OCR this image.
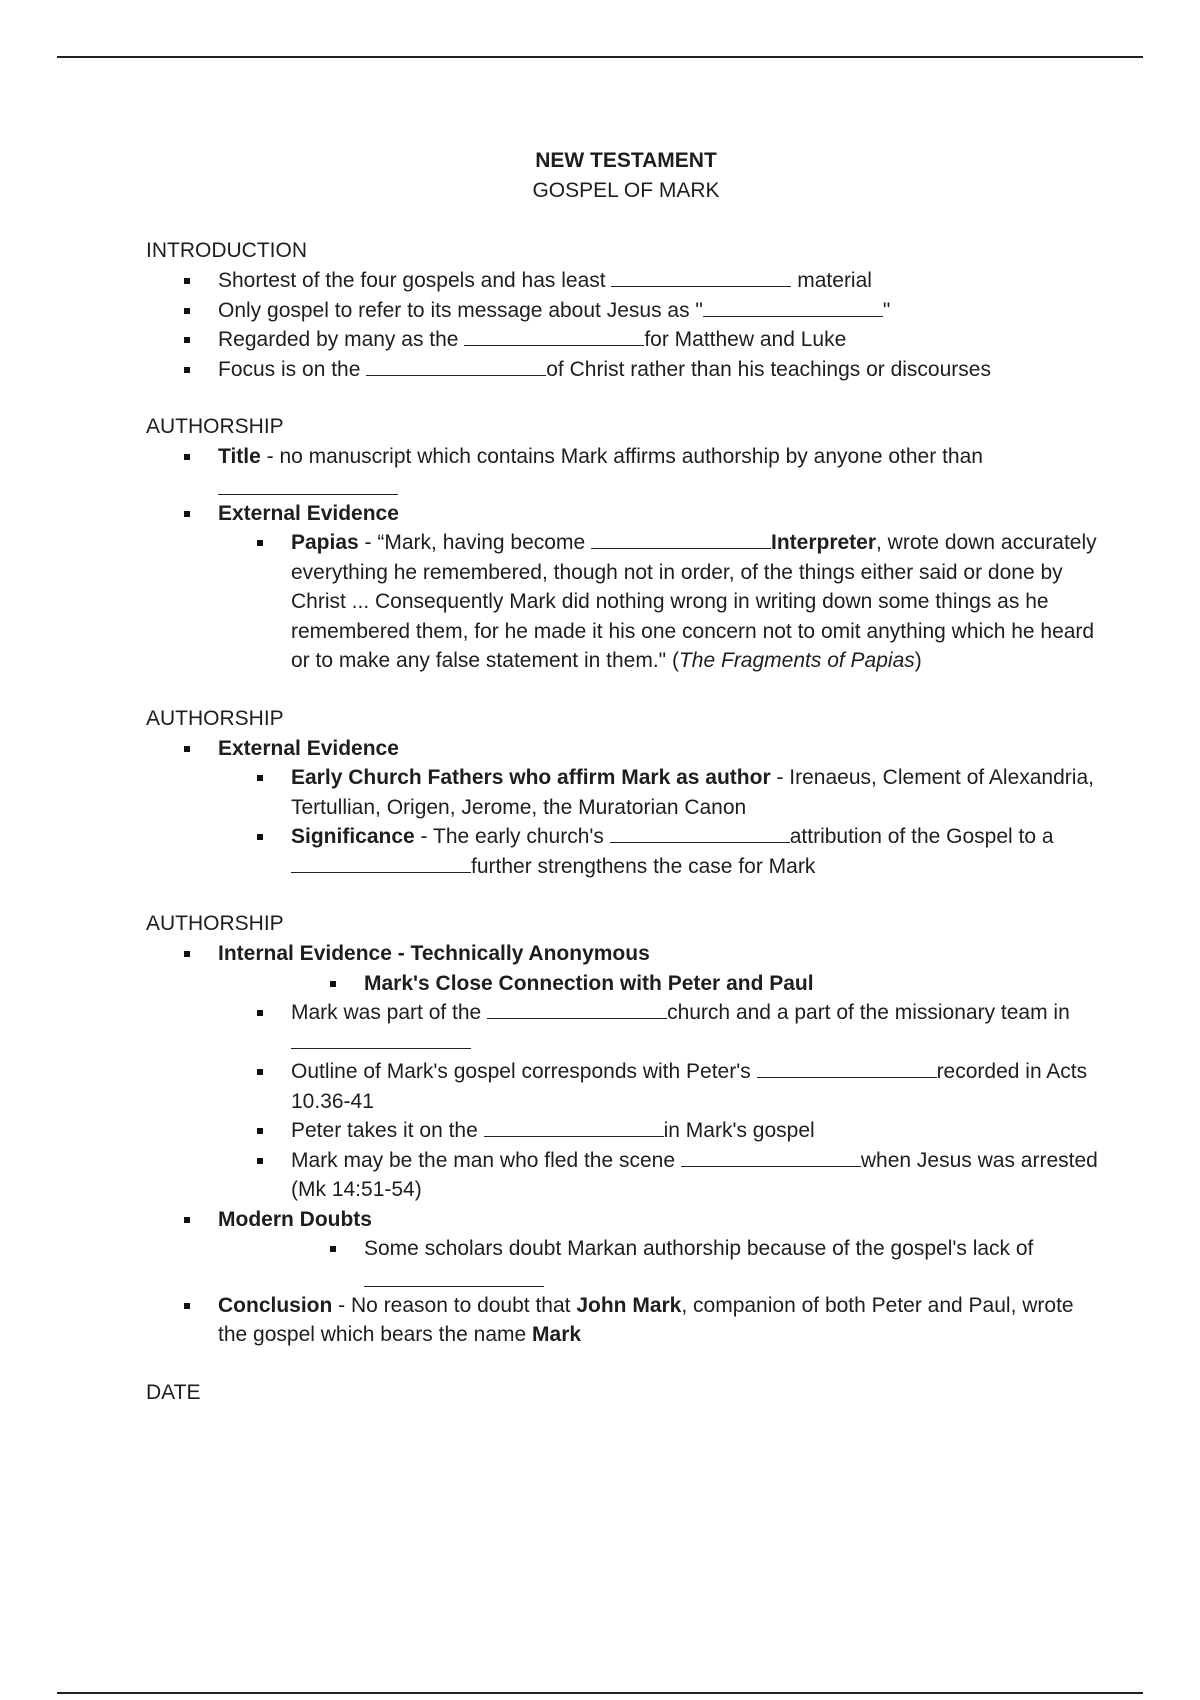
NEW TESTAMENT
GOSPEL OF MARK
INTRODUCTION
Shortest of the four gospels and has least	material
Only gospel to refer to its message about Jesus as "	"
Regarded by many as the	for Matthew and Luke
Focus is on the	of Christ rather than his teachings or discourses
AUTHORSHIP
Title - no manuscript which contains Mark affirms authorship by anyone other than
External Evidence
Papias - “Mark, having become	Interpreter, wrote down accurately everything he remembered, though not in order, of the things either said or done by Christ ... Consequently Mark did nothing wrong in writing down some things as he remembered them, for he made it his one concern not to omit anything which he heard or to make any false statement in them." (The Fragments of Papias)
AUTHORSHIP
External Evidence
Early Church Fathers who affirm Mark as author - Irenaeus, Clement of Alexandria, Tertullian, Origen, Jerome, the Muratorian Canon
Significance - The early church's	attribution of the Gospel to a further strengthens the case for Mark
AUTHORSHIP
Internal Evidence - Technically Anonymous
Mark's Close Connection with Peter and Paul
Mark was part of the	church and a part of the missionary team in
Outline of Mark's gospel corresponds with Peter's	recorded in Acts 10.36-41
Peter takes it on the	in Mark's gospel
Mark may be the man who fled the scene	when Jesus was arrested (Mk 14:51-54)
Modern Doubts
Some scholars doubt Markan authorship because of the gospel's lack of
Conclusion - No reason to doubt that John Mark, companion of both Peter and Paul, wrote the gospel which bears the name Mark
DATE
